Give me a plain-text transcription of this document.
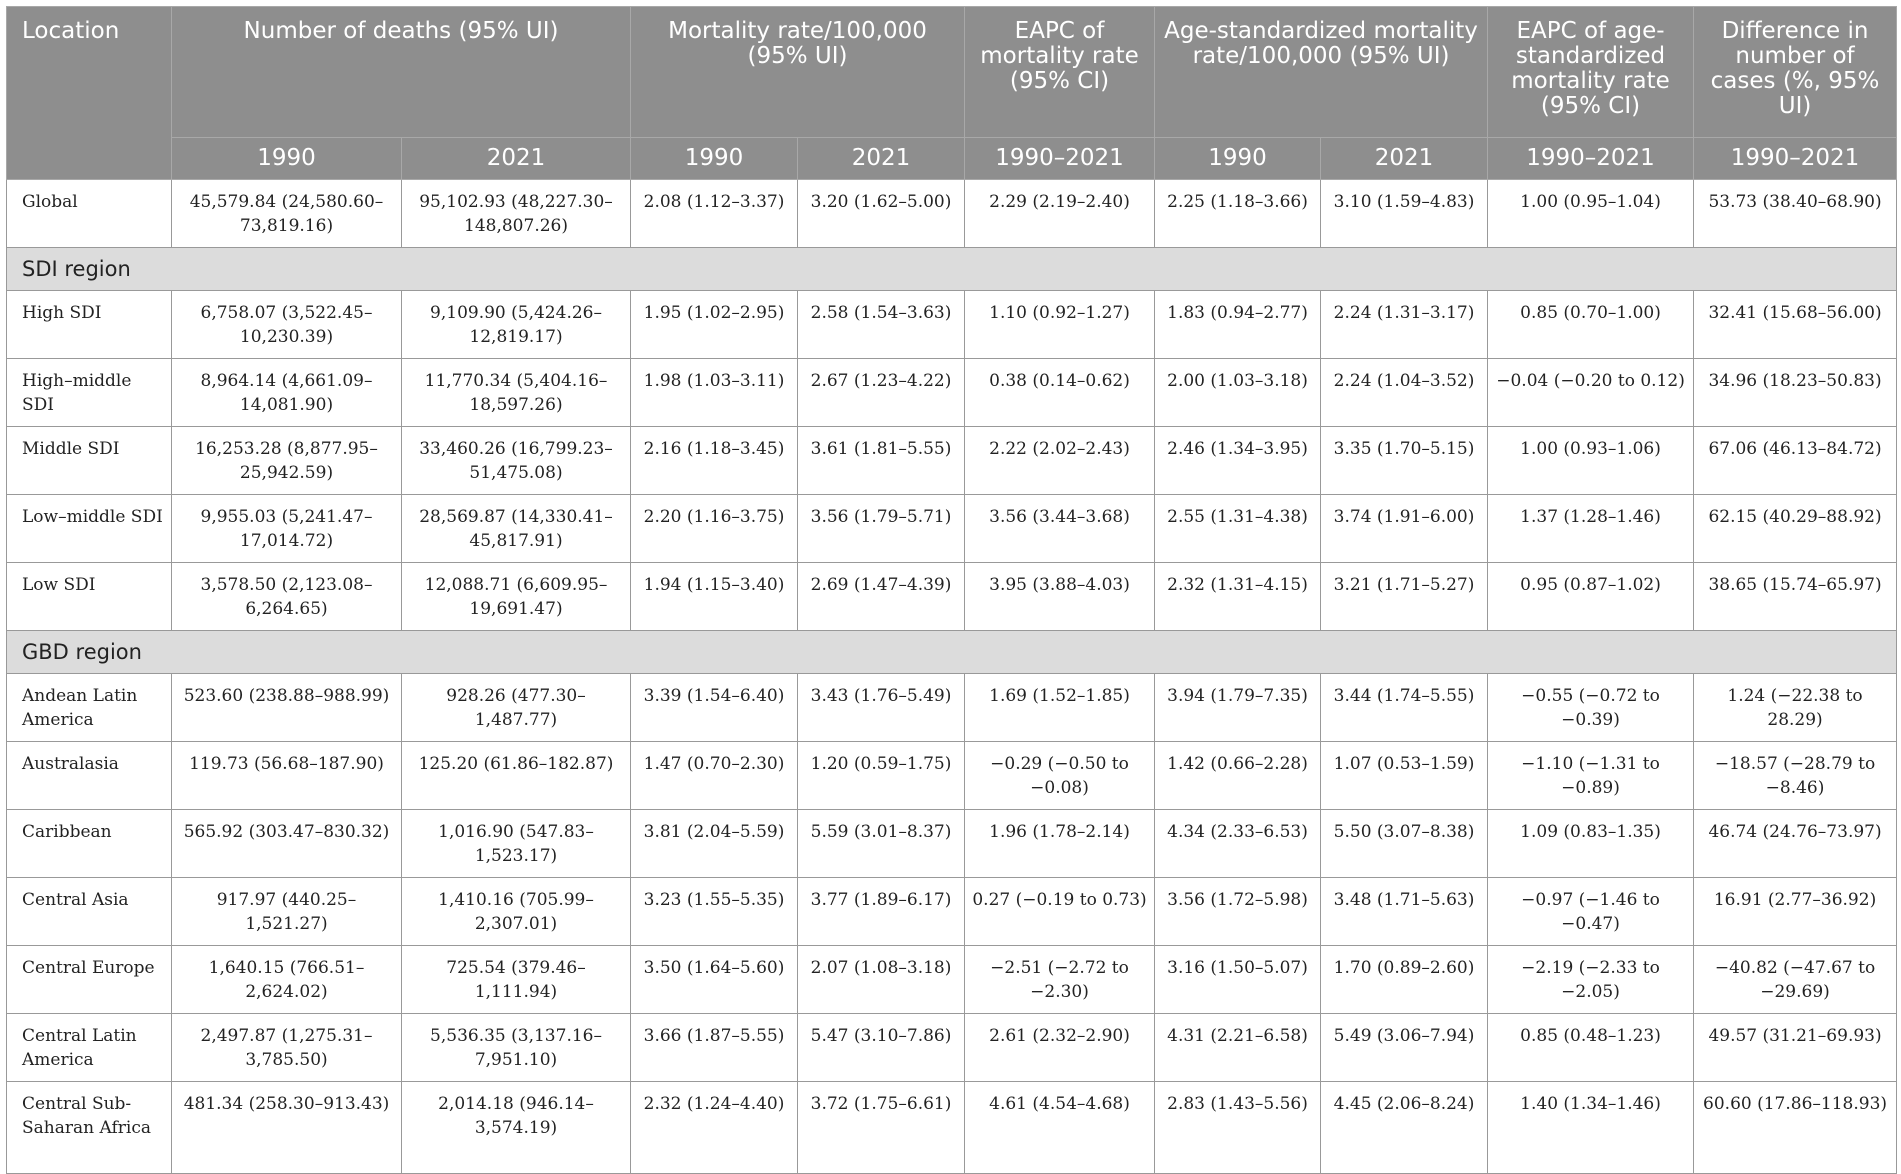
Location	Number of deaths (95% UI)		Mortality rate/100,000 (95% UI)		EAPC of mortality rate (95% CI)	Age-standardized mortality rate/100,000 (95% UI)		EAPC of age-standardized mortality rate (95% CI)	Difference in number of cases (%, 95% UI)
	1990	2021	1990	2021	1990–2021	1990	2021	1990–2021	1990–2021
Global	45,579.84 (24,580.60–73,819.16)	95,102.93 (48,227.30–148,807.26)	2.08 (1.12–3.37)	3.20 (1.62–5.00)	2.29 (2.19–2.40)	2.25 (1.18–3.66)	3.10 (1.59–4.83)	1.00 (0.95–1.04)	53.73 (38.40–68.90)
SDI region									
High SDI	6,758.07 (3,522.45–10,230.39)	9,109.90 (5,424.26–12,819.17)	1.95 (1.02–2.95)	2.58 (1.54–3.63)	1.10 (0.92–1.27)	1.83 (0.94–2.77)	2.24 (1.31–3.17)	0.85 (0.70–1.00)	32.41 (15.68–56.00)
High–middle SDI	8,964.14 (4,661.09–14,081.90)	11,770.34 (5,404.16–18,597.26)	1.98 (1.03–3.11)	2.67 (1.23–4.22)	0.38 (0.14–0.62)	2.00 (1.03–3.18)	2.24 (1.04–3.52)	−0.04 (−0.20 to 0.12)	34.96 (18.23–50.83)
Middle SDI	16,253.28 (8,877.95–25,942.59)	33,460.26 (16,799.23–51,475.08)	2.16 (1.18–3.45)	3.61 (1.81–5.55)	2.22 (2.02–2.43)	2.46 (1.34–3.95)	3.35 (1.70–5.15)	1.00 (0.93–1.06)	67.06 (46.13–84.72)
Low–middle SDI	9,955.03 (5,241.47–17,014.72)	28,569.87 (14,330.41–45,817.91)	2.20 (1.16–3.75)	3.56 (1.79–5.71)	3.56 (3.44–3.68)	2.55 (1.31–4.38)	3.74 (1.91–6.00)	1.37 (1.28–1.46)	62.15 (40.29–88.92)
Low SDI	3,578.50 (2,123.08–6,264.65)	12,088.71 (6,609.95–19,691.47)	1.94 (1.15–3.40)	2.69 (1.47–4.39)	3.95 (3.88–4.03)	2.32 (1.31–4.15)	3.21 (1.71–5.27)	0.95 (0.87–1.02)	38.65 (15.74–65.97)
GBD region									
Andean Latin America	523.60 (238.88–988.99)	928.26 (477.30–1,487.77)	3.39 (1.54–6.40)	3.43 (1.76–5.49)	1.69 (1.52–1.85)	3.94 (1.79–7.35)	3.44 (1.74–5.55)	−0.55 (−0.72 to −0.39)	1.24 (−22.38 to 28.29)
Australasia	119.73 (56.68–187.90)	125.20 (61.86–182.87)	1.47 (0.70–2.30)	1.20 (0.59–1.75)	−0.29 (−0.50 to −0.08)	1.42 (0.66–2.28)	1.07 (0.53–1.59)	−1.10 (−1.31 to −0.89)	−18.57 (−28.79 to −8.46)
Caribbean	565.92 (303.47–830.32)	1,016.90 (547.83–1,523.17)	3.81 (2.04–5.59)	5.59 (3.01–8.37)	1.96 (1.78–2.14)	4.34 (2.33–6.53)	5.50 (3.07–8.38)	1.09 (0.83–1.35)	46.74 (24.76–73.97)
Central Asia	917.97 (440.25–1,521.27)	1,410.16 (705.99–2,307.01)	3.23 (1.55–5.35)	3.77 (1.89–6.17)	0.27 (−0.19 to 0.73)	3.56 (1.72–5.98)	3.48 (1.71–5.63)	−0.97 (−1.46 to −0.47)	16.91 (2.77–36.92)
Central Europe	1,640.15 (766.51–2,624.02)	725.54 (379.46–1,111.94)	3.50 (1.64–5.60)	2.07 (1.08–3.18)	−2.51 (−2.72 to −2.30)	3.16 (1.50–5.07)	1.70 (0.89–2.60)	−2.19 (−2.33 to −2.05)	−40.82 (−47.67 to −29.69)
Central Latin America	2,497.87 (1,275.31–3,785.50)	5,536.35 (3,137.16–7,951.10)	3.66 (1.87–5.55)	5.47 (3.10–7.86)	2.61 (2.32–2.90)	4.31 (2.21–6.58)	5.49 (3.06–7.94)	0.85 (0.48–1.23)	49.57 (31.21–69.93)
Central Sub-Saharan Africa	481.34 (258.30–913.43)	2,014.18 (946.14–3,574.19)	2.32 (1.24–4.40)	3.72 (1.75–6.61)	4.61 (4.54–4.68)	2.83 (1.43–5.56)	4.45 (2.06–8.24)	1.40 (1.34–1.46)	60.60 (17.86–118.93)
